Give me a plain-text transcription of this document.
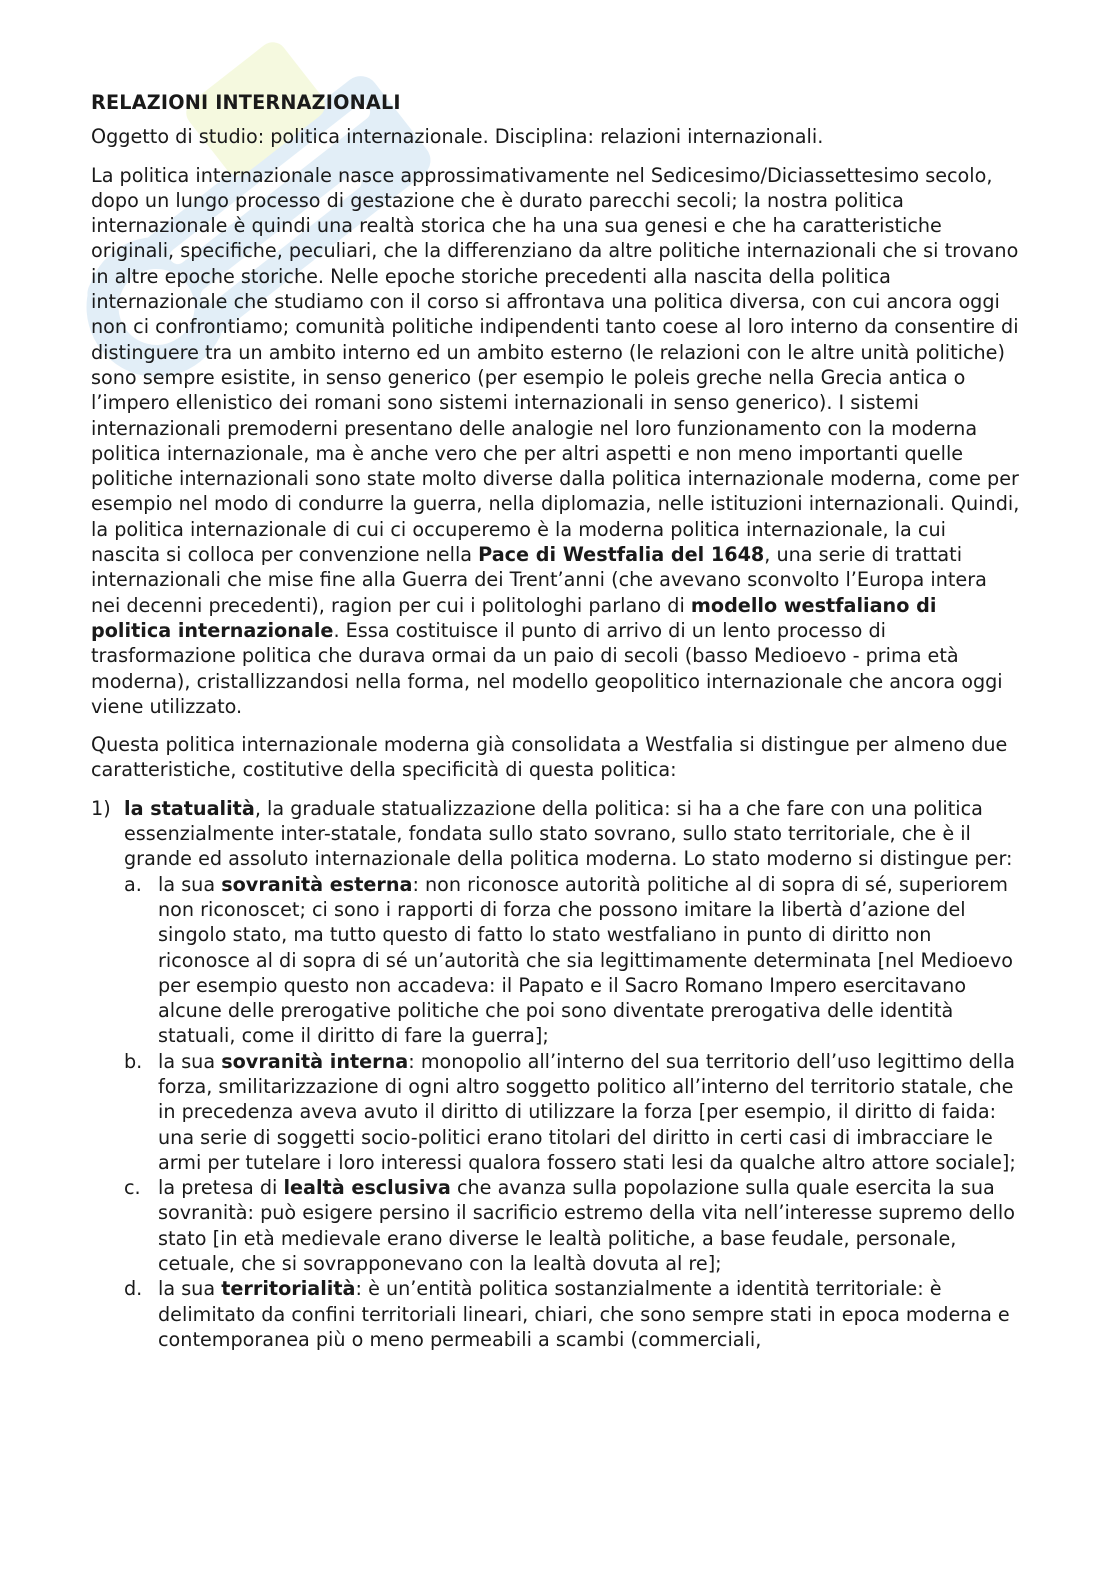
RELAZIONI INTERNAZIONALI

Oggetto di studio: politica internazionale. Disciplina: relazioni internazionali.

La politica internazionale nasce approssimativamente nel Sedicesimo/Diciassettesimo secolo, dopo un lungo processo di gestazione che è durato parecchi secoli; la nostra politica internazionale è quindi una realtà storica che ha una sua genesi e che ha caratteristiche originali, specifiche, peculiari, che la differenziano da altre politiche internazionali che si trovano in altre epoche storiche. Nelle epoche storiche precedenti alla nascita della politica internazionale che studiamo con il corso si affrontava una politica diversa, con cui ancora oggi non ci confrontiamo; comunità politiche indipendenti tanto coese al loro interno da consentire di distinguere tra un ambito interno ed un ambito esterno (le relazioni con le altre unità politiche) sono sempre esistite, in senso generico (per esempio le poleis greche nella Grecia antica o l’impero ellenistico dei romani sono sistemi internazionali in senso generico). I sistemi internazionali premoderni presentano delle analogie nel loro funzionamento con la moderna politica internazionale, ma è anche vero che per altri aspetti e non meno importanti quelle politiche internazionali sono state molto diverse dalla politica internazionale moderna, come per esempio nel modo di condurre la guerra, nella diplomazia, nelle istituzioni internazionali. Quindi, la politica internazionale di cui ci occuperemo è la moderna politica internazionale, la cui nascita si colloca per convenzione nella Pace di Westfalia del 1648, una serie di trattati internazionali che mise fine alla Guerra dei Trent’anni (che avevano sconvolto l’Europa intera nei decenni precedenti), ragion per cui i politologhi parlano di modello westfaliano di politica internazionale. Essa costituisce il punto di arrivo di un lento processo di trasformazione politica che durava ormai da un paio di secoli (basso Medioevo - prima età moderna), cristallizzandosi nella forma, nel modello geopolitico internazionale che ancora oggi viene utilizzato.

Questa politica internazionale moderna già consolidata a Westfalia si distingue per almeno due caratteristiche, costitutive della specificità di questa politica:

1) la statualità, la graduale statualizzazione della politica: si ha a che fare con una politica essenzialmente inter-statale, fondata sullo stato sovrano, sullo stato territoriale, che è il grande ed assoluto internazionale della politica moderna. Lo stato moderno si distingue per:
a. la sua sovranità esterna: non riconosce autorità politiche al di sopra di sé, superiorem non riconoscet; ci sono i rapporti di forza che possono imitare la libertà d’azione del singolo stato, ma tutto questo di fatto lo stato westfaliano in punto di diritto non riconosce al di sopra di sé un’autorità che sia legittimamente determinata [nel Medioevo per esempio questo non accadeva: il Papato e il Sacro Romano Impero esercitavano alcune delle prerogative politiche che poi sono diventate prerogativa delle identità statuali, come il diritto di fare la guerra];
b. la sua sovranità interna: monopolio all’interno del sua territorio dell’uso legittimo della forza, smilitarizzazione di ogni altro soggetto politico all’interno del territorio statale, che in precedenza aveva avuto il diritto di utilizzare la forza [per esempio, il diritto di faida: una serie di soggetti socio-politici erano titolari del diritto in certi casi di imbracciare le armi per tutelare i loro interessi qualora fossero stati lesi da qualche altro attore sociale];
c. la pretesa di lealtà esclusiva che avanza sulla popolazione sulla quale esercita la sua sovranità: può esigere persino il sacrificio estremo della vita nell’interesse supremo dello stato [in età medievale erano diverse le lealtà politiche, a base feudale, personale, cetuale, che si sovrapponevano con la lealtà dovuta al re];
d. la sua territorialità: è un’entità politica sostanzialmente a identità territoriale: è delimitato da confini territoriali lineari, chiari, che sono sempre stati in epoca moderna e contemporanea più o meno permeabili a scambi (commerciali,
